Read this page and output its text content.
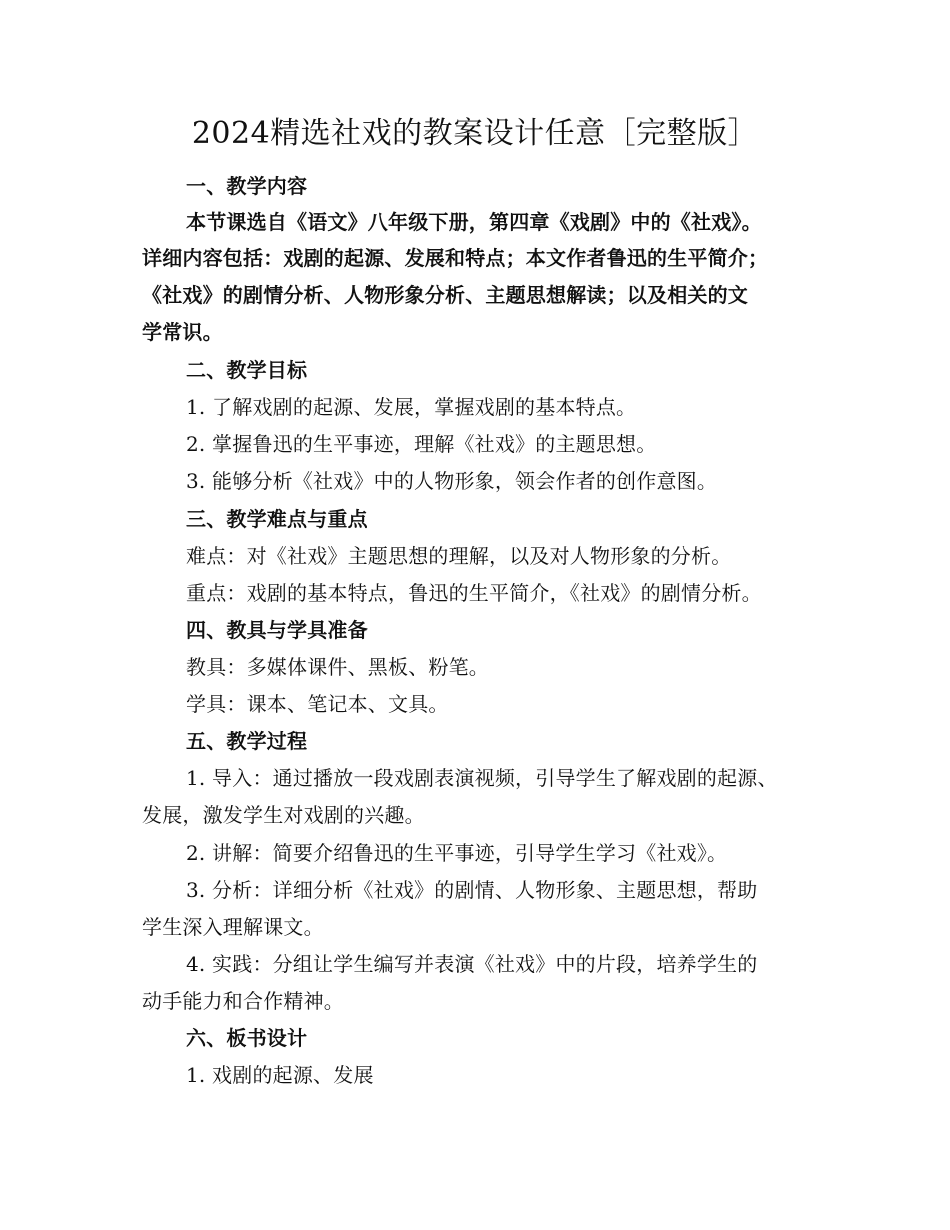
2024精选社戏的教案设计任意［完整版］
一、教学内容
本节课选自《语文》八年级下册，第四章《戏剧》中的《社戏》。
详细内容包括：戏剧的起源、发展和特点；本文作者鲁迅的生平简介；
《社戏》的剧情分析、人物形象分析、主题思想解读；以及相关的文
学常识。
二、教学目标
1. 了解戏剧的起源、发展，掌握戏剧的基本特点。
2. 掌握鲁迅的生平事迹，理解《社戏》的主题思想。
3. 能够分析《社戏》中的人物形象，领会作者的创作意图。
三、教学难点与重点
难点：对《社戏》主题思想的理解，以及对人物形象的分析。
重点：戏剧的基本特点，鲁迅的生平简介，《社戏》的剧情分析。
四、教具与学具准备
教具：多媒体课件、黑板、粉笔。
学具：课本、笔记本、文具。
五、教学过程
1. 导入：通过播放一段戏剧表演视频，引导学生了解戏剧的起源、
发展，激发学生对戏剧的兴趣。
2. 讲解：简要介绍鲁迅的生平事迹，引导学生学习《社戏》。
3. 分析：详细分析《社戏》的剧情、人物形象、主题思想，帮助
学生深入理解课文。
4. 实践：分组让学生编写并表演《社戏》中的片段，培养学生的
动手能力和合作精神。
六、板书设计
1. 戏剧的起源、发展
